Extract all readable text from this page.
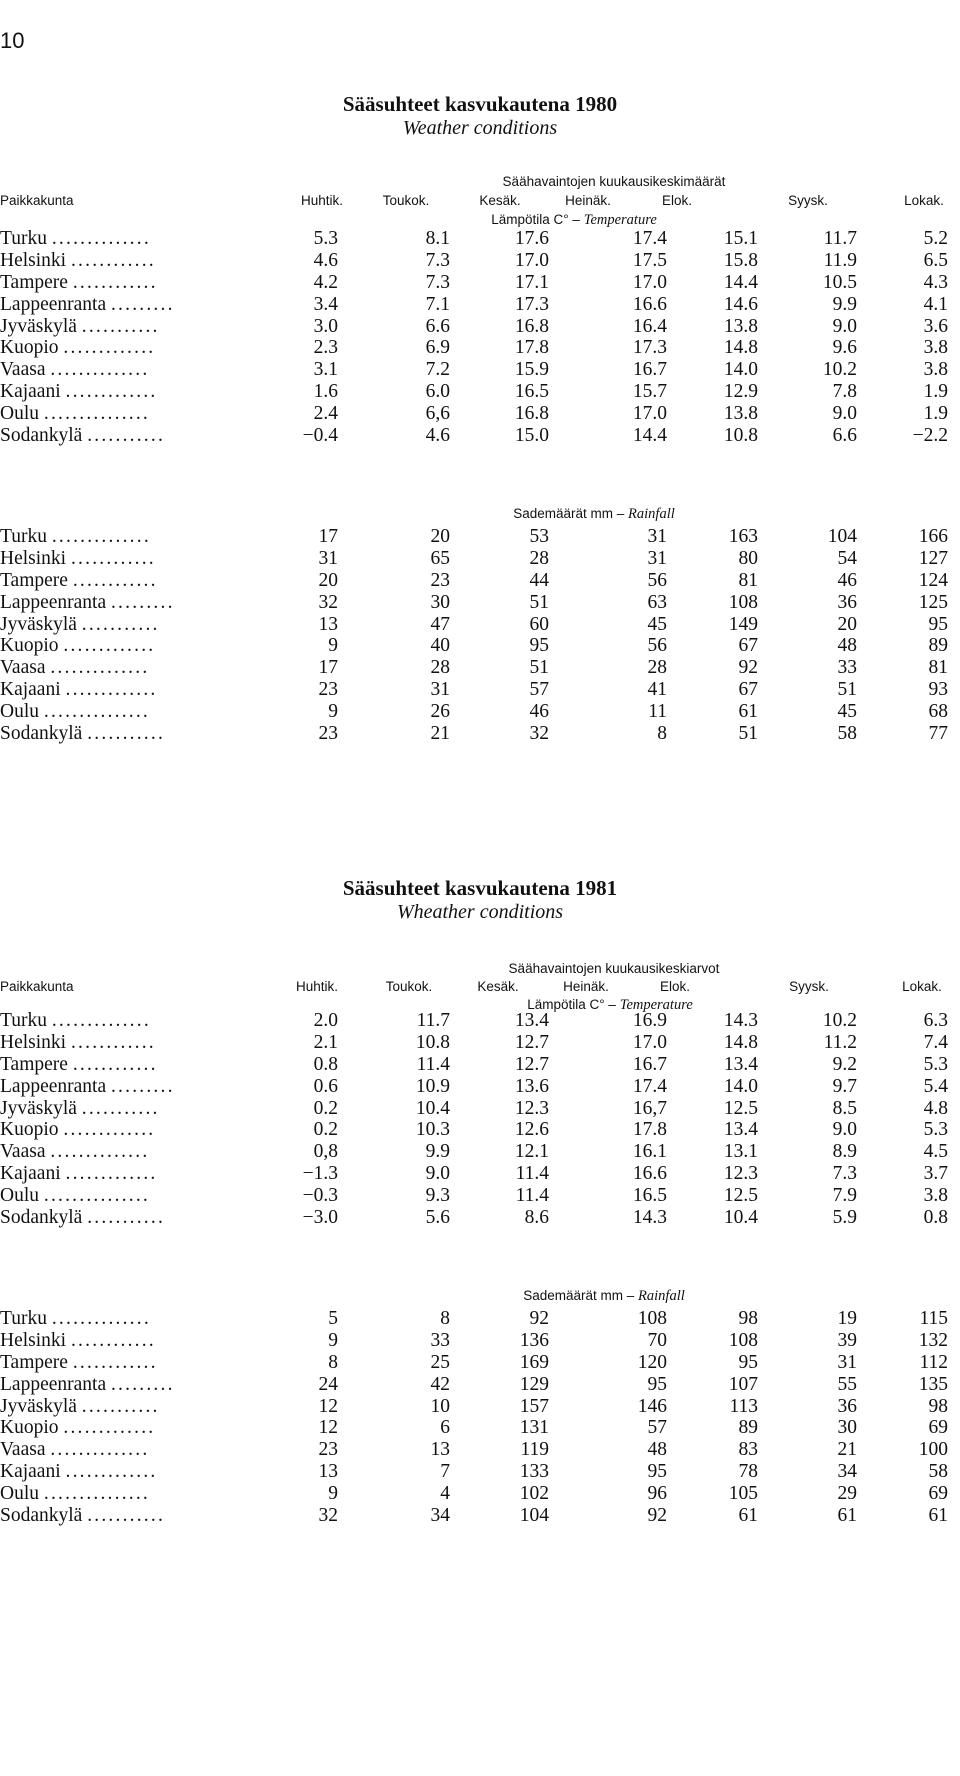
10
Sääsuhteet kasvukautena 1980
Weather conditions
Säähavaintojen kuukausikeskimäärät
Paikkakunta
Lämpötila C° – Temperature
Huhtik.	Toukok.	Kesäk.	Heinäk.	Elok.	Syysk.	Lokak.
Turku ..............	5.3	8.1	17.6	17.4	15.1	11.7	5.2
Helsinki ............	4.6	7.3	17.0	17.5	15.8	11.9	6.5
Tampere ............	4.2	7.3	17.1	17.0	14.4	10.5	4.3
Lappeenranta .........	3.4	7.1	17.3	16.6	14.6	9.9	4.1
Jyväskylä ...........	3.0	6.6	16.8	16.4	13.8	9.0	3.6
Kuopio .............	2.3	6.9	17.8	17.3	14.8	9.6	3.8
Vaasa ..............	3.1	7.2	15.9	16.7	14.0	10.2	3.8
Kajaani .............	1.6	6.0	16.5	15.7	12.9	7.8	1.9
Oulu ...............	2.4	6,6	16.8	17.0	13.8	9.0	1.9
Sodankylä ...........	−0.4	4.6	15.0	14.4	10.8	6.6	−2.2
Sademäärät mm – Rainfall
Turku ..............	17	20	53	31	163	104	166
Helsinki ............	31	65	28	31	80	54	127
Tampere ............	20	23	44	56	81	46	124
Lappeenranta .........	32	30	51	63	108	36	125
Jyväskylä ...........	13	47	60	45	149	20	95
Kuopio .............	9	40	95	56	67	48	89
Vaasa ..............	17	28	51	28	92	33	81
Kajaani .............	23	31	57	41	67	51	93
Oulu ...............	9	26	46	11	61	45	68
Sodankylä ...........	23	21	32	8	51	58	77
Sääsuhteet kasvukautena 1981
Wheather conditions
Säähavaintojen kuukausikeskiarvot
Paikkakunta
Lämpötila C° – Temperature
Huhtik.	Toukok.	Kesäk.	Heinäk.	Elok.	Syysk.	Lokak.
Turku ..............	2.0	11.7	13.4	16.9	14.3	10.2	6.3
Helsinki ............	2.1	10.8	12.7	17.0	14.8	11.2	7.4
Tampere ............	0.8	11.4	12.7	16.7	13.4	9.2	5.3
Lappeenranta .........	0.6	10.9	13.6	17.4	14.0	9.7	5.4
Jyväskylä ...........	0.2	10.4	12.3	16,7	12.5	8.5	4.8
Kuopio .............	0.2	10.3	12.6	17.8	13.4	9.0	5.3
Vaasa ..............	0,8	9.9	12.1	16.1	13.1	8.9	4.5
Kajaani .............	−1.3	9.0	11.4	16.6	12.3	7.3	3.7
Oulu ...............	−0.3	9.3	11.4	16.5	12.5	7.9	3.8
Sodankylä ...........	−3.0	5.6	8.6	14.3	10.4	5.9	0.8
Sademäärät mm – Rainfall
Turku ..............	5	8	92	108	98	19	115
Helsinki ............	9	33	136	70	108	39	132
Tampere ............	8	25	169	120	95	31	112
Lappeenranta .........	24	42	129	95	107	55	135
Jyväskylä ...........	12	10	157	146	113	36	98
Kuopio .............	12	6	131	57	89	30	69
Vaasa ..............	23	13	119	48	83	21	100
Kajaani .............	13	7	133	95	78	34	58
Oulu ...............	9	4	102	96	105	29	69
Sodankylä ...........	32	34	104	92	61	61	61
